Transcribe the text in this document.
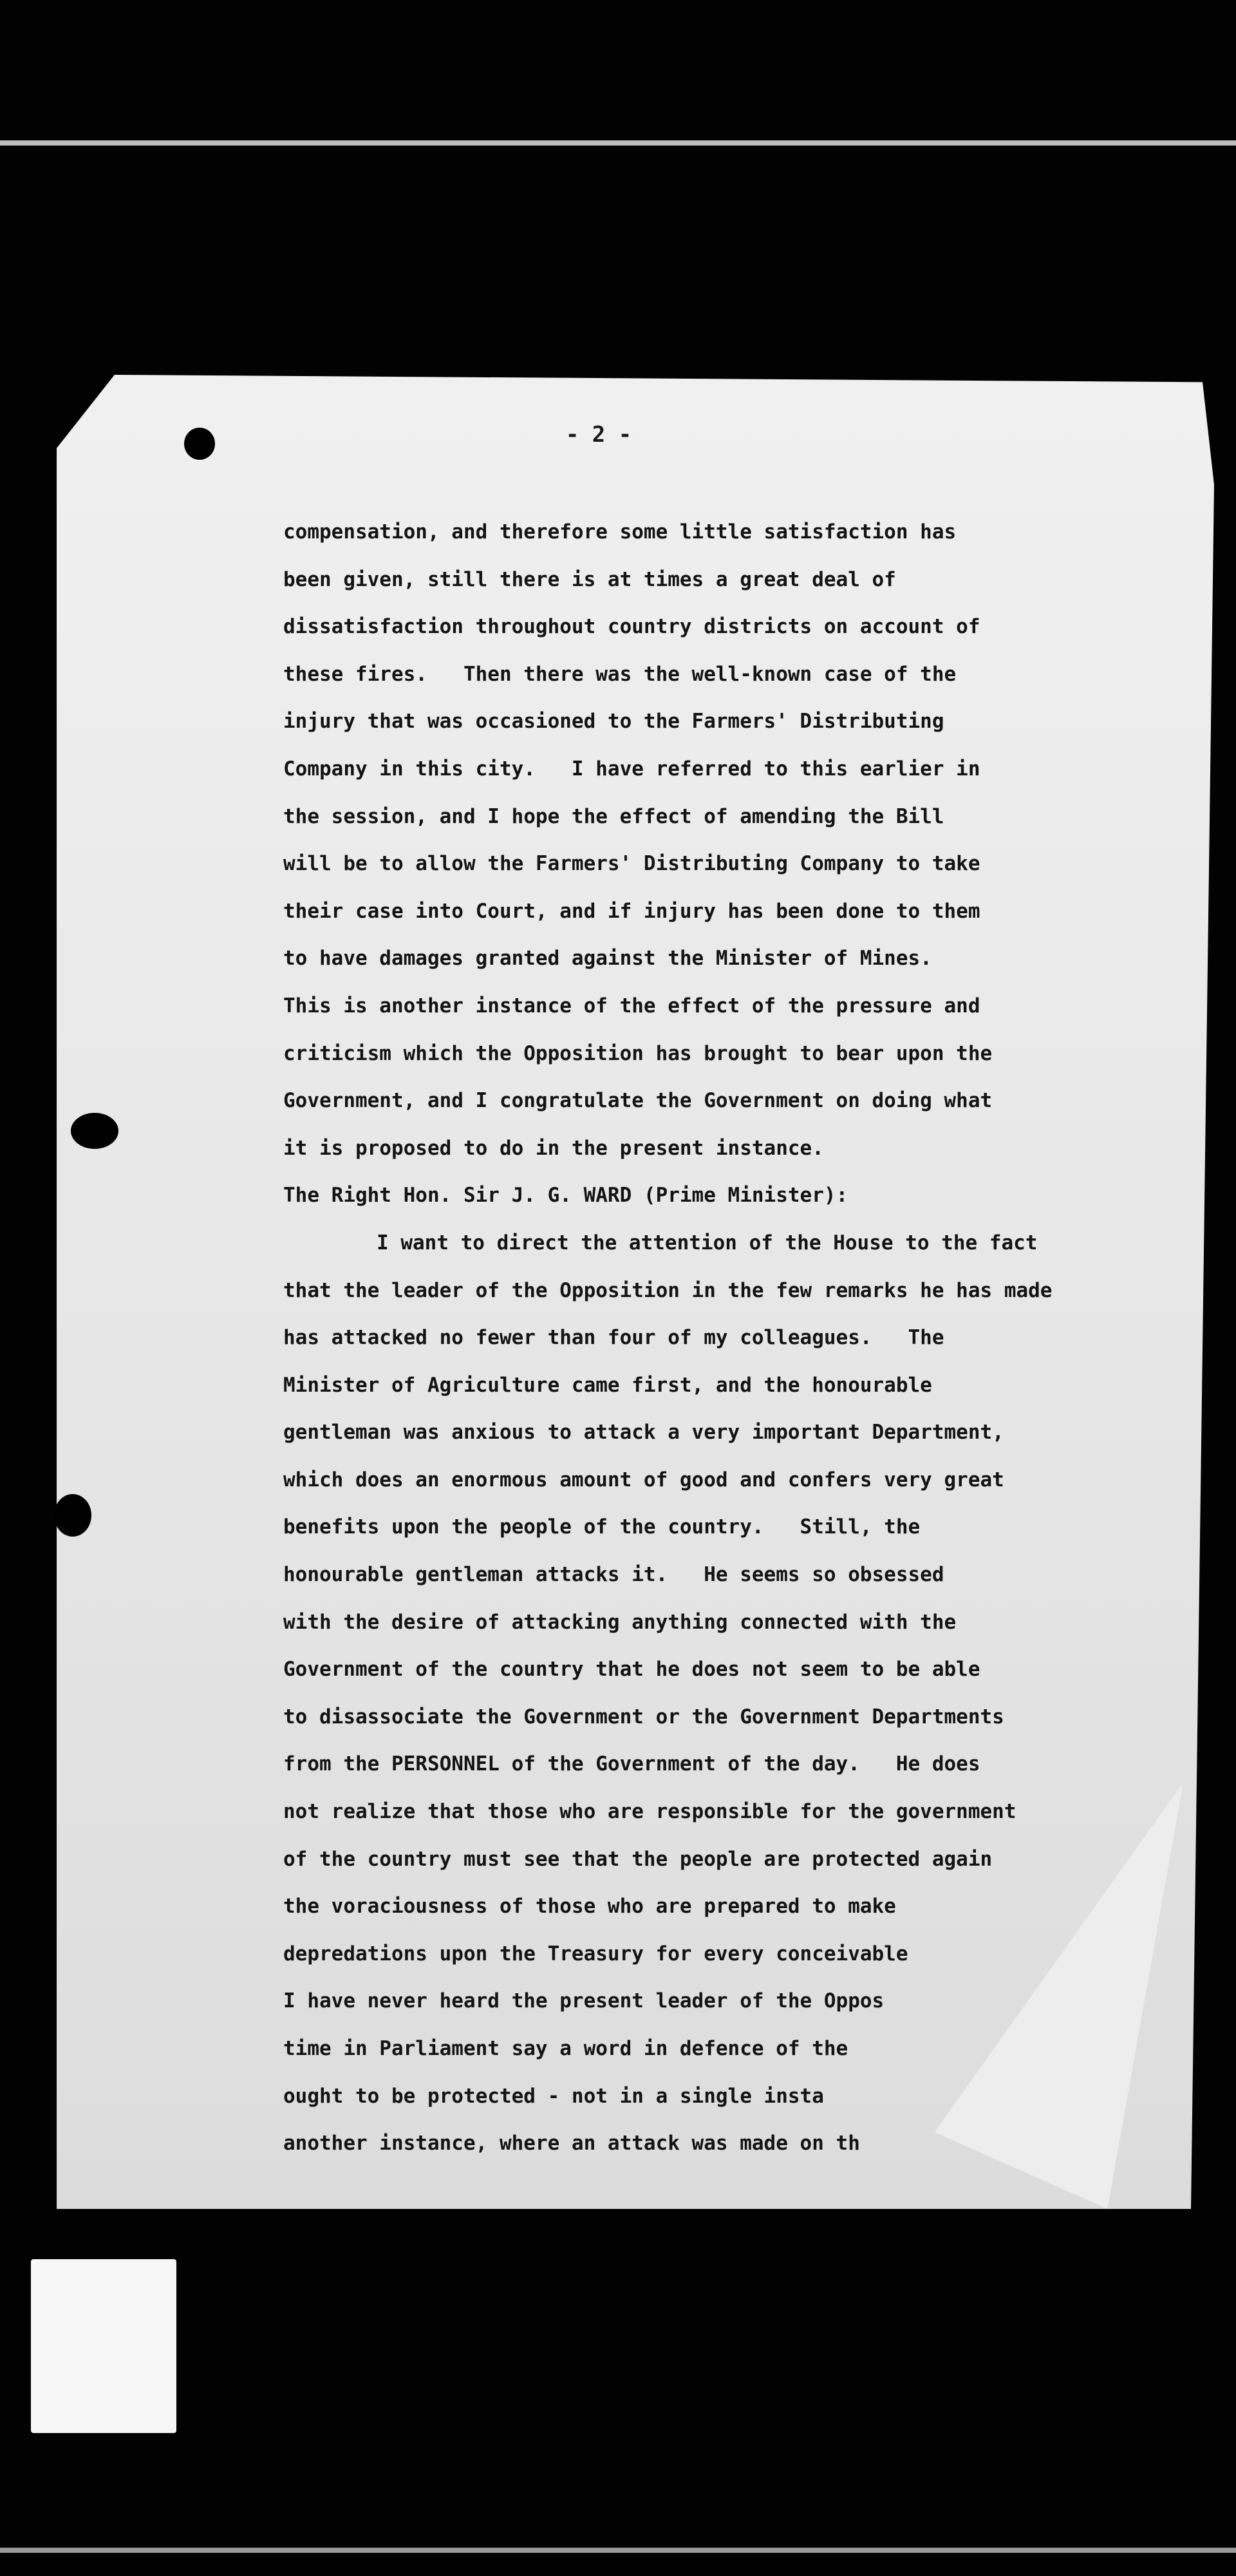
- 2 -
compensation, and therefore some little satisfaction has
been given, still there is at times a great deal of
dissatisfaction throughout country districts on account of
these fires.   Then there was the well-known case of the
injury that was occasioned to the Farmers' Distributing
Company in this city.   I have referred to this earlier in
the session, and I hope the effect of amending the Bill
will be to allow the Farmers' Distributing Company to take
their case into Court, and if injury has been done to them
to have damages granted against the Minister of Mines.
This is another instance of the effect of the pressure and
criticism which the Opposition has brought to bear upon the
Government, and I congratulate the Government on doing what
it is proposed to do in the present instance.
The Right Hon. Sir J. G. WARD (Prime Minister):
I want to direct the attention of the House to the fact
that the leader of the Opposition in the few remarks he has made
has attacked no fewer than four of my colleagues.   The
Minister of Agriculture came first, and the honourable
gentleman was anxious to attack a very important Department,
which does an enormous amount of good and confers very great
benefits upon the people of the country.   Still, the
honourable gentleman attacks it.   He seems so obsessed
with the desire of attacking anything connected with the
Government of the country that he does not seem to be able
to disassociate the Government or the Government Departments
from the PERSONNEL of the Government of the day.   He does
not realize that those who are responsible for the government
of the country must see that the people are protected again
the voraciousness of those who are prepared to make
depredations upon the Treasury for every conceivable
I have never heard the present leader of the Oppos
time in Parliament say a word in defence of the
ought to be protected - not in a single insta
another instance, where an attack was made on th
